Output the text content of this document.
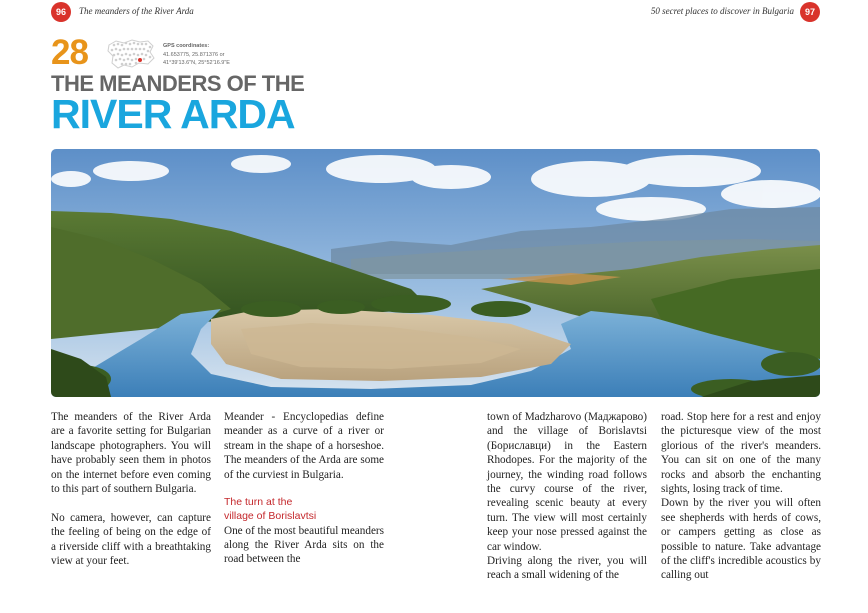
96	The meanders of the River Arda	50 secret places to discover in Bulgaria	97
28	GPS coordinates:
41.653775, 25.871376 or
41°39'13.6"N, 25°52'16.9"E
THE MEANDERS OF THE
RIVER ARDA

The meanders of the River Arda are a favorite setting for Bulgarian landscape photographers. You will have probably seen them in photos on the internet before even coming to this part of southern Bulgaria.

No camera, however, can capture the feeling of being on the edge of a riverside cliff with a breathtaking view at your feet.

Meander - Encyclopedias define meander as a curve of a river or stream in the shape of a horseshoe. The meanders of the Arda are some of the curviest in Bulgaria.

The turn at the
village of Borislavtsi

One of the most beautiful meanders along the River Arda sits on the road between the

town of Madzharovo (Маджарово) and the village of Borislavtsi (Бориславци) in the Eastern Rhodopes. For the majority of the journey, the winding road follows the curvy course of the river, revealing scenic beauty at every turn. The view will most certainly keep your nose pressed against the car window.

Driving along the river, you will reach a small widening of the

road. Stop here for a rest and enjoy the picturesque view of the most glorious of the river's meanders. You can sit on one of the many rocks and absorb the enchanting sights, losing track of time.

Down by the river you will often see shepherds with herds of cows, or campers getting as close as possible to nature. Take advantage of the cliff's incredible acoustics by calling out
